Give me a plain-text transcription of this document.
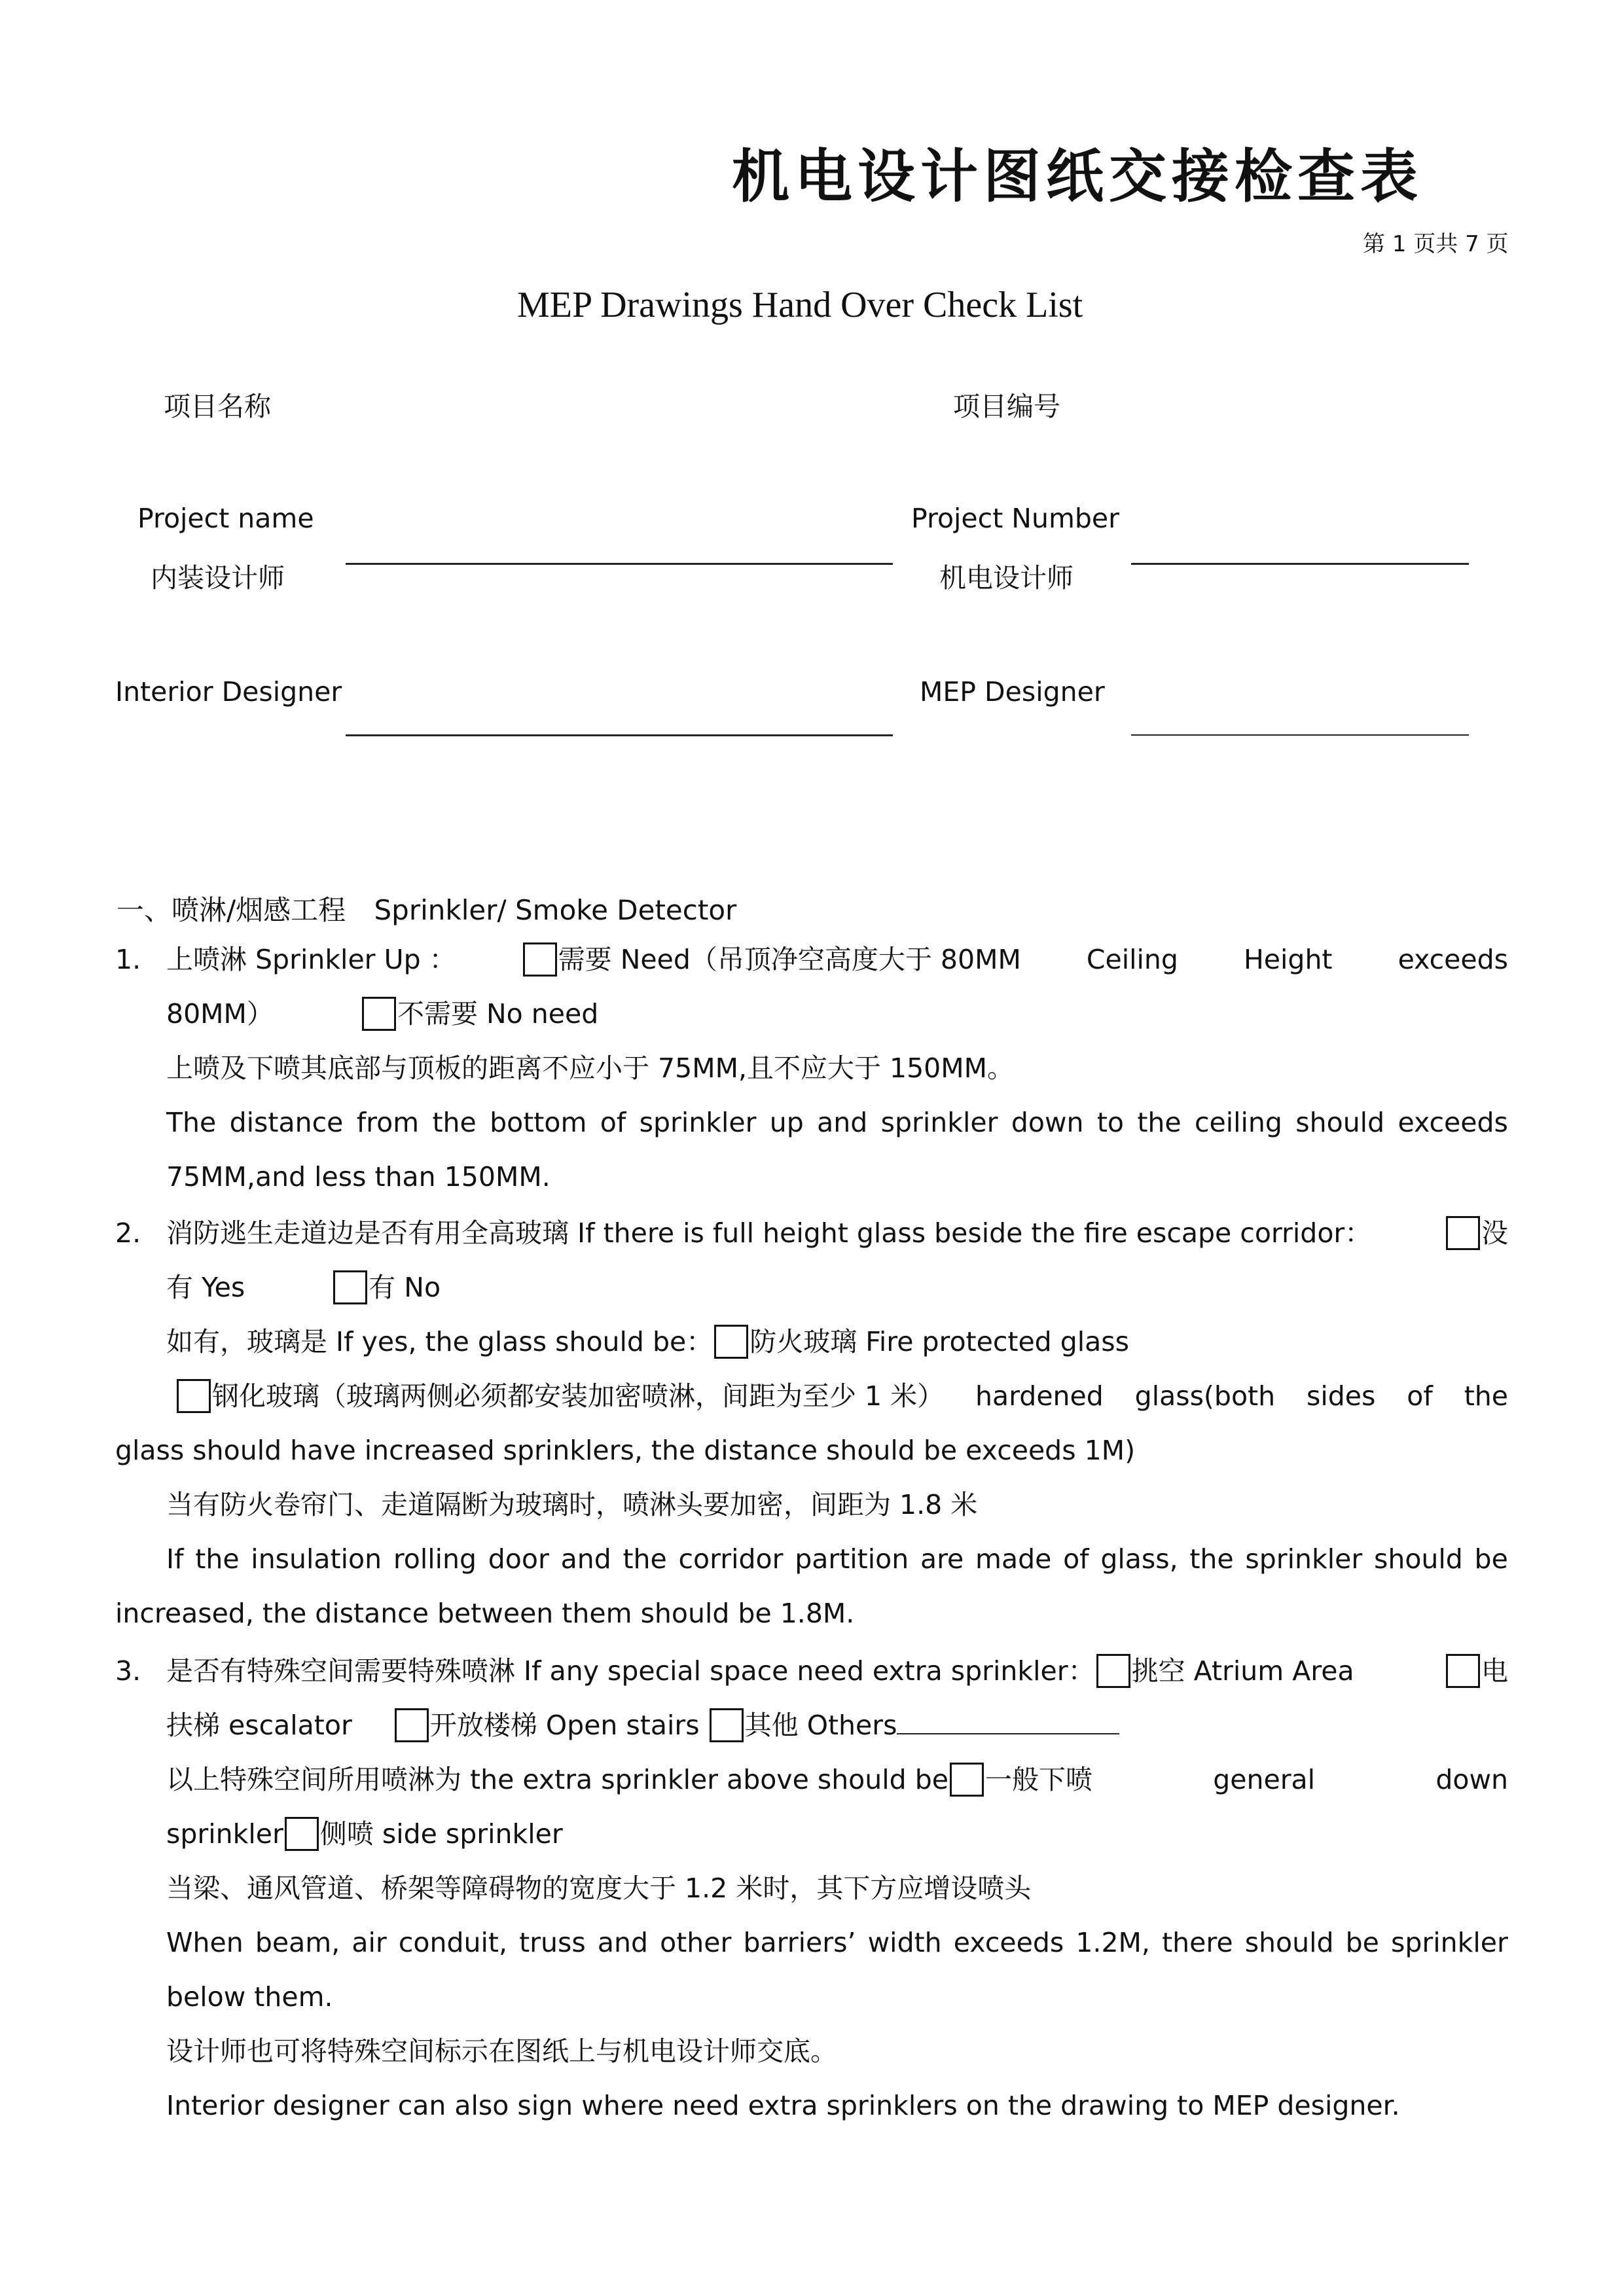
机电设计图纸交接检查表
第 1 页共 7 页
MEP Drawings Hand Over Check List
项目名称	项目编号
Project name	Project Number
内装设计师	机电设计师
Interior Designer	MEP Designer
一、喷淋/烟感工程 Sprinkler/ Smoke Detector
1. 上喷淋 Sprinkler Up ：	需要 Need（吊顶净空高度大于 80MM Ceiling Height exceeds
80MM）	不需要 No need
上喷及下喷其底部与顶板的距离不应小于 75MM,且不应大于 150MM。
The distance from the bottom of sprinkler up and sprinkler down to the ceiling should exceeds
75MM,and less than 150MM.
2. 消防逃生走道边是否有用全高玻璃 If there is full height glass beside the fire escape corridor：	没
有 Yes	有 No
如有，玻璃是 If yes, the glass should be： 防火玻璃 Fire protected glass
钢化玻璃（玻璃两侧必须都安装加密喷淋，间距为至少 1 米） hardened glass(both sides of the
glass should have increased sprinklers, the distance should be exceeds 1M)
当有防火卷帘门、走道隔断为玻璃时，喷淋头要加密，间距为 1.8 米
If the insulation rolling door and the corridor partition are made of glass, the sprinkler should be
increased, the distance between them should be 1.8M.
3. 是否有特殊空间需要特殊喷淋 If any special space need extra sprinkler： 挑空 Atrium Area	电
扶梯 escalator	开放楼梯 Open stairs 其他 Others
以上特殊空间所用喷淋为 the extra sprinkler above should be 一般下喷	general	down
sprinkler 侧喷 side sprinkler
当梁、通风管道、桥架等障碍物的宽度大于 1.2 米时，其下方应增设喷头
When beam, air conduit, truss and other barriers’ width exceeds 1.2M, there should be sprinkler
below them.
设计师也可将特殊空间标示在图纸上与机电设计师交底。
Interior designer can also sign where need extra sprinklers on the drawing to MEP designer.
